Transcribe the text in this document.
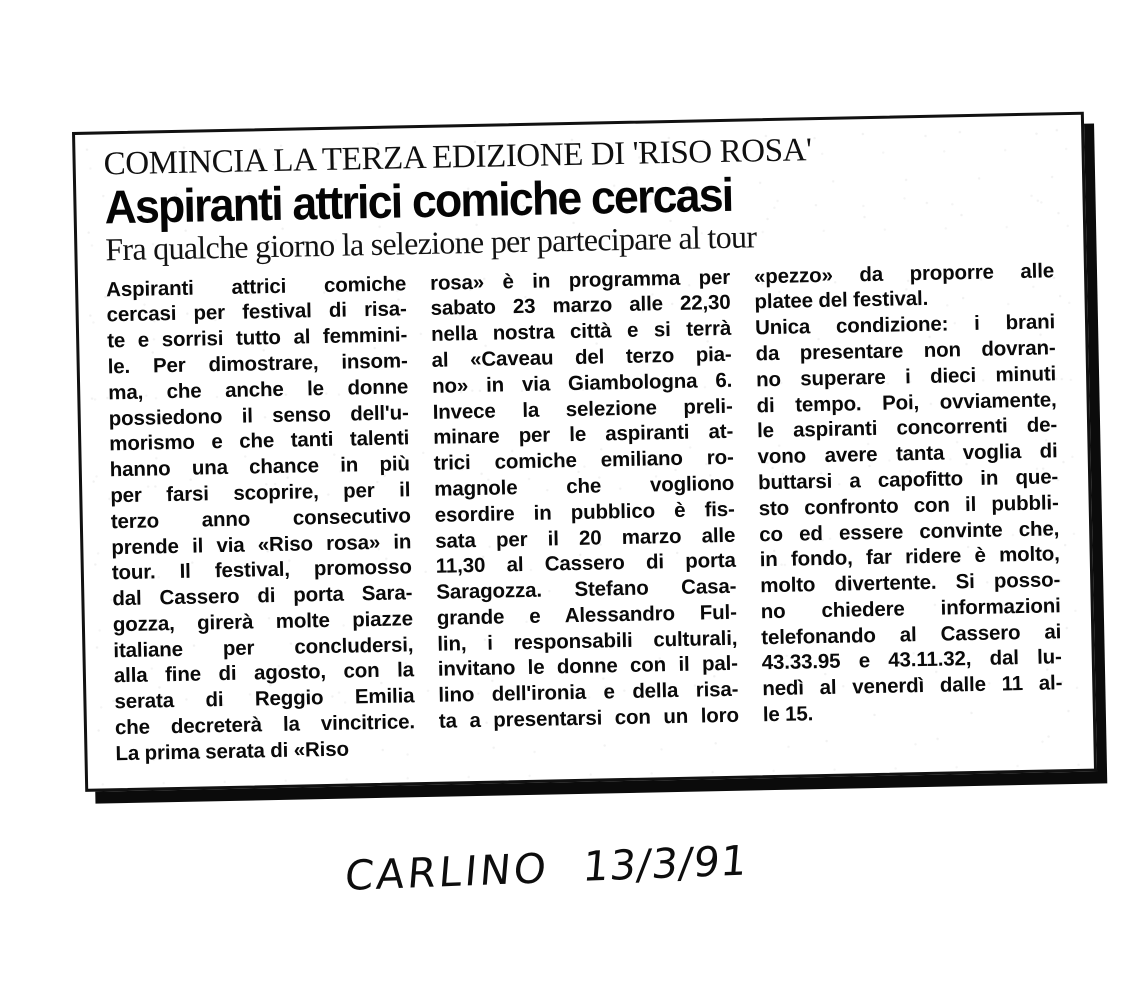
COMINCIA LA TERZA EDIZIONE DI 'RISO ROSA'
Aspiranti attrici comiche cercasi
Fra qualche giorno la selezione per partecipare al tour
Aspiranti attrici comiche
cercasi per festival di risa-
te e sorrisi tutto al femmini-
le. Per dimostrare, insom-
ma, che anche le donne
possiedono il senso dell'u-
morismo e che tanti talenti
hanno una chance in più
per farsi scoprire, per il
terzo anno consecutivo
prende il via «Riso rosa» in
tour. Il festival, promosso
dal Cassero di porta Sara-
gozza, girerà molte piazze
italiane per concludersi,
alla fine di agosto, con la
serata di Reggio Emilia
che decreterà la vincitrice.
La prima serata di «Riso
rosa» è in programma per
sabato 23 marzo alle 22,30
nella nostra città e si terrà
al «Caveau del terzo pia-
no» in via Giambologna 6.
Invece la selezione preli-
minare per le aspiranti at-
trici comiche emiliano ro-
magnole che vogliono
esordire in pubblico è fis-
sata per il 20 marzo alle
11,30 al Cassero di porta
Saragozza. Stefano Casa-
grande e Alessandro Ful-
lin, i responsabili culturali,
invitano le donne con il pal-
lino dell'ironia e della risa-
ta a presentarsi con un loro
«pezzo» da proporre alle
platee del festival.
Unica condizione: i brani
da presentare non dovran-
no superare i dieci minuti
di tempo. Poi, ovviamente,
le aspiranti concorrenti de-
vono avere tanta voglia di
buttarsi a capofitto in que-
sto confronto con il pubbli-
co ed essere convinte che,
in fondo, far ridere è molto,
molto divertente. Si posso-
no chiedere informazioni
telefonando al Cassero ai
43.33.95 e 43.11.32, dal lu-
nedì al venerdì dalle 11 al-
le 15.
CARLINO 13/3/91
